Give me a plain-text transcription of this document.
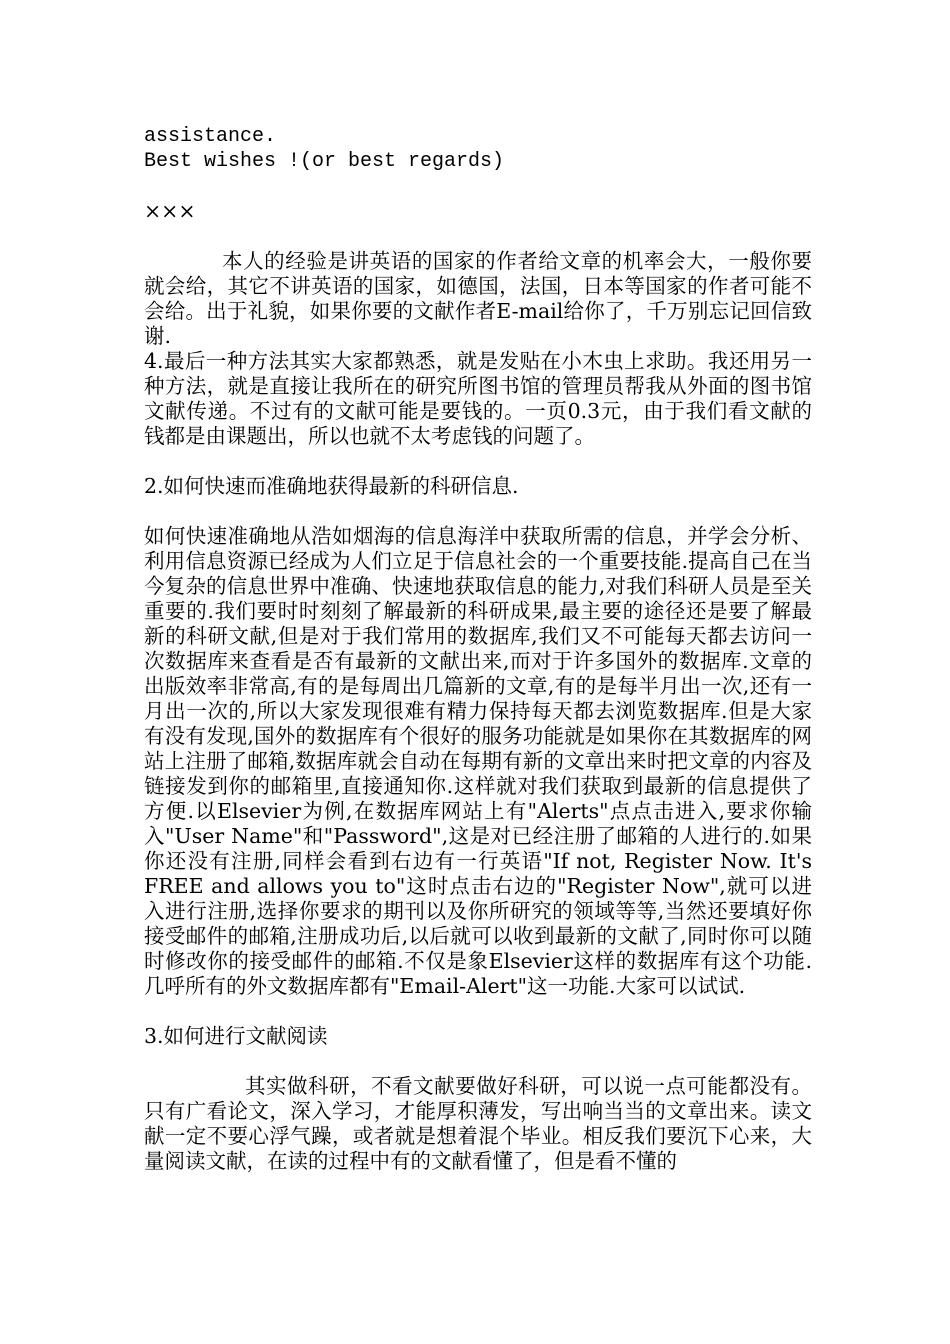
assistance.
Best wishes !(or best regards)
×××

本人的经验是讲英语的国家的作者给文章的机率会大，一般你要就会给，其它不讲英语的国家，如德国，法国，日本等国家的作者可能不会给。出于礼貌，如果你要的文献作者E-mail给你了，千万别忘记回信致谢.

4.最后一种方法其实大家都熟悉，就是发贴在小木虫上求助。我还用另一种方法，就是直接让我所在的研究所图书馆的管理员帮我从外面的图书馆文献传递。不过有的文献可能是要钱的。一页0.3元，由于我们看文献的钱都是由课题出，所以也就不太考虑钱的问题了。

2.如何快速而准确地获得最新的科研信息.

如何快速准确地从浩如烟海的信息海洋中获取所需的信息，并学会分析、利用信息资源已经成为人们立足于信息社会的一个重要技能.提高自己在当今复杂的信息世界中准确、快速地获取信息的能力,对我们科研人员是至关重要的.我们要时时刻刻了解最新的科研成果,最主要的途径还是要了解最新的科研文献,但是对于我们常用的数据库,我们又不可能每天都去访问一次数据库来查看是否有最新的文献出来,而对于许多国外的数据库.文章的出版效率非常高,有的是每周出几篇新的文章,有的是每半月出一次,还有一月出一次的,所以大家发现很难有精力保持每天都去浏览数据库.但是大家有没有发现,国外的数据库有个很好的服务功能就是如果你在其数据库的网站上注册了邮箱,数据库就会自动在每期有新的文章出来时把文章的内容及链接发到你的邮箱里,直接通知你.这样就对我们获取到最新的信息提供了方便.以Elsevier为例,在数据库网站上有"Alerts"点点击进入,要求你输入"User Name"和"Password",这是对已经注册了邮箱的人进行的.如果你还没有注册,同样会看到右边有一行英语"If not, Register Now. It's FREE and allows you to"这时点击右边的"Register Now",就可以进入进行注册,选择你要求的期刊以及你所研究的领域等等,当然还要填好你接受邮件的邮箱,注册成功后,以后就可以收到最新的文献了,同时你可以随时修改你的接受邮件的邮箱.不仅是象Elsevier这样的数据库有这个功能.几呼所有的外文数据库都有"Email-Alert"这一功能.大家可以试试.

3.如何进行文献阅读

其实做科研，不看文献要做好科研，可以说一点可能都没有。只有广看论文，深入学习，才能厚积薄发，写出响当当的文章出来。读文献一定不要心浮气躁，或者就是想着混个毕业。相反我们要沉下心来，大量阅读文献，在读的过程中有的文献看懂了，但是看不懂的
